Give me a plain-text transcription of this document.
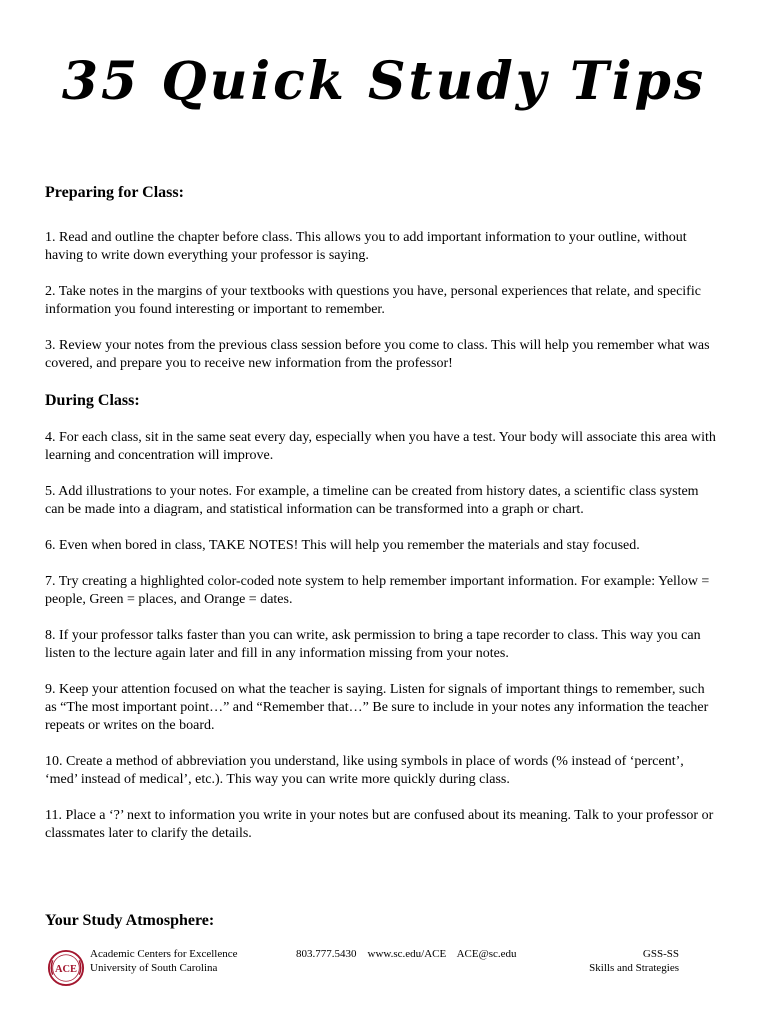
35 Quick Study Tips
Preparing for Class:

1. Read and outline the chapter before class. This allows you to add important information to your outline, without having to write down everything your professor is saying.

2. Take notes in the margins of your textbooks with questions you have, personal experiences that relate, and specific information you found interesting or important to remember.

3. Review your notes from the previous class session before you come to class. This will help you remember what was covered, and prepare you to receive new information from the professor!

During Class:

4. For each class, sit in the same seat every day, especially when you have a test. Your body will associate this area with learning and concentration will improve.

5. Add illustrations to your notes. For example, a timeline can be created from history dates, a scientific class system can be made into a diagram, and statistical information can be transformed into a graph or chart.

6. Even when bored in class, TAKE NOTES! This will help you remember the materials and stay focused.

7. Try creating a highlighted color-coded note system to help remember important information. For example: Yellow = people, Green = places, and Orange = dates.

8. If your professor talks faster than you can write, ask permission to bring a tape recorder to class. This way you can listen to the lecture again later and fill in any information missing from your notes.

9. Keep your attention focused on what the teacher is saying. Listen for signals of important things to remember, such as “The most important point…” and “Remember that…” Be sure to include in your notes any information the teacher repeats or writes on the board.

10. Create a method of abbreviation you understand, like using symbols in place of words (% instead of ‘percent’, ‘med’ instead of medical’, etc.). This way you can write more quickly during class.

11. Place a ‘?’ next to information you write in your notes but are confused about its meaning. Talk to your professor or classmates later to clarify the details.

Your Study Atmosphere:
ACE
Academic Centers for Excellence
University of South Carolina
803.777.5430    www.sc.edu/ACE    ACE@sc.edu	GSS-SS
Skills and Strategies
